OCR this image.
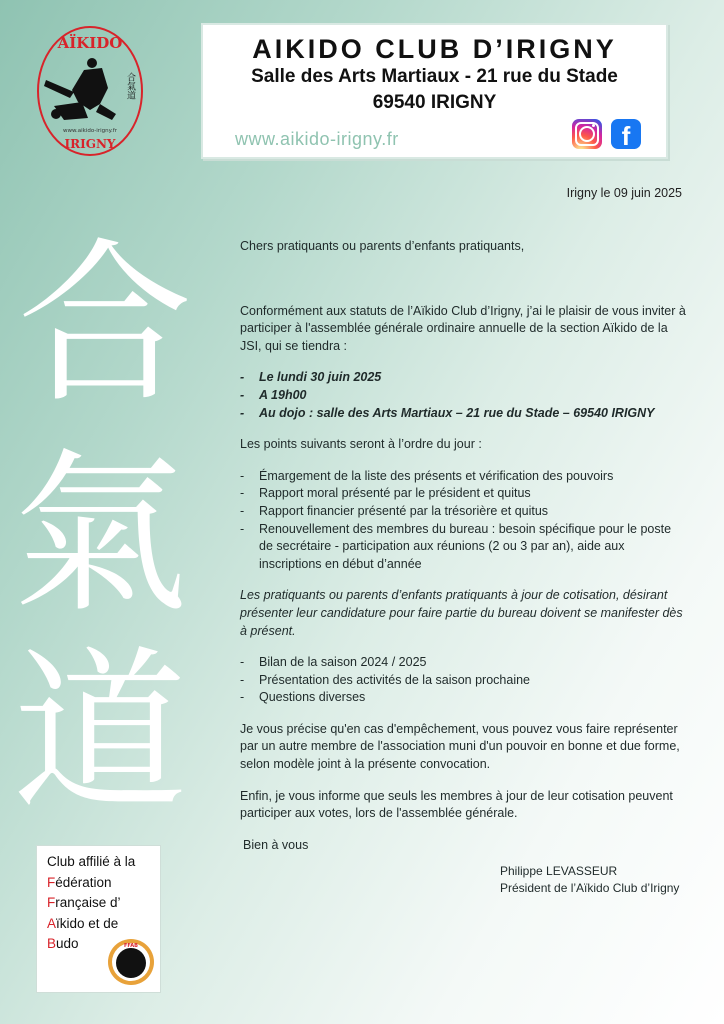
AÏKIDO
合氣道
www.aikido-irigny.fr
IRIGNY
AIKIDO CLUB D’IRIGNY
Salle des Arts Martiaux - 21 rue du Stade
69540 IRIGNY
www.aikido-irigny.fr	f
合
氣
道
Irigny le 09 juin 2025

Chers pratiquants ou parents d’enfants pratiquants,

Conformément aux statuts de l’Aïkido Club d’Irigny, j’ai le plaisir de vous inviter à participer à l'assemblée générale ordinaire annuelle de la section Aïkido de la JSI, qui se tiendra :

- Le lundi 30 juin 2025
- A 19h00
- Au dojo : salle des Arts Martiaux – 21 rue du Stade – 69540 IRIGNY

Les points suivants seront à l’ordre du jour :

- Émargement de la liste des présents et vérification des pouvoirs
- Rapport moral présenté par le président et quitus
- Rapport financier présenté par la trésorière et quitus
- Renouvellement des membres du bureau : besoin spécifique pour le poste de secrétaire - participation aux réunions (2 ou 3 par an), aide aux inscriptions en début d’année

Les pratiquants ou parents d’enfants pratiquants à jour de cotisation, désirant présenter leur candidature pour faire partie du bureau doivent se manifester dès à présent.

- Bilan de la saison 2024 / 2025
- Présentation des activités de la saison prochaine
- Questions diverses

Je vous précise qu'en cas d'empêchement, vous pouvez vous faire représenter par un autre membre de l'association muni d'un pouvoir en bonne et due forme, selon modèle joint à la présente convocation.

Enfin, je vous informe que seuls les membres à jour de leur cotisation peuvent participer aux votes, lors de l'assemblée générale.

Bien à vous

Philippe LEVASSEUR
Président de l’Aïkido Club d’Irigny
Club affilié à la
Fédération
Française d’
Aïkido et de
Budo	FFAB
